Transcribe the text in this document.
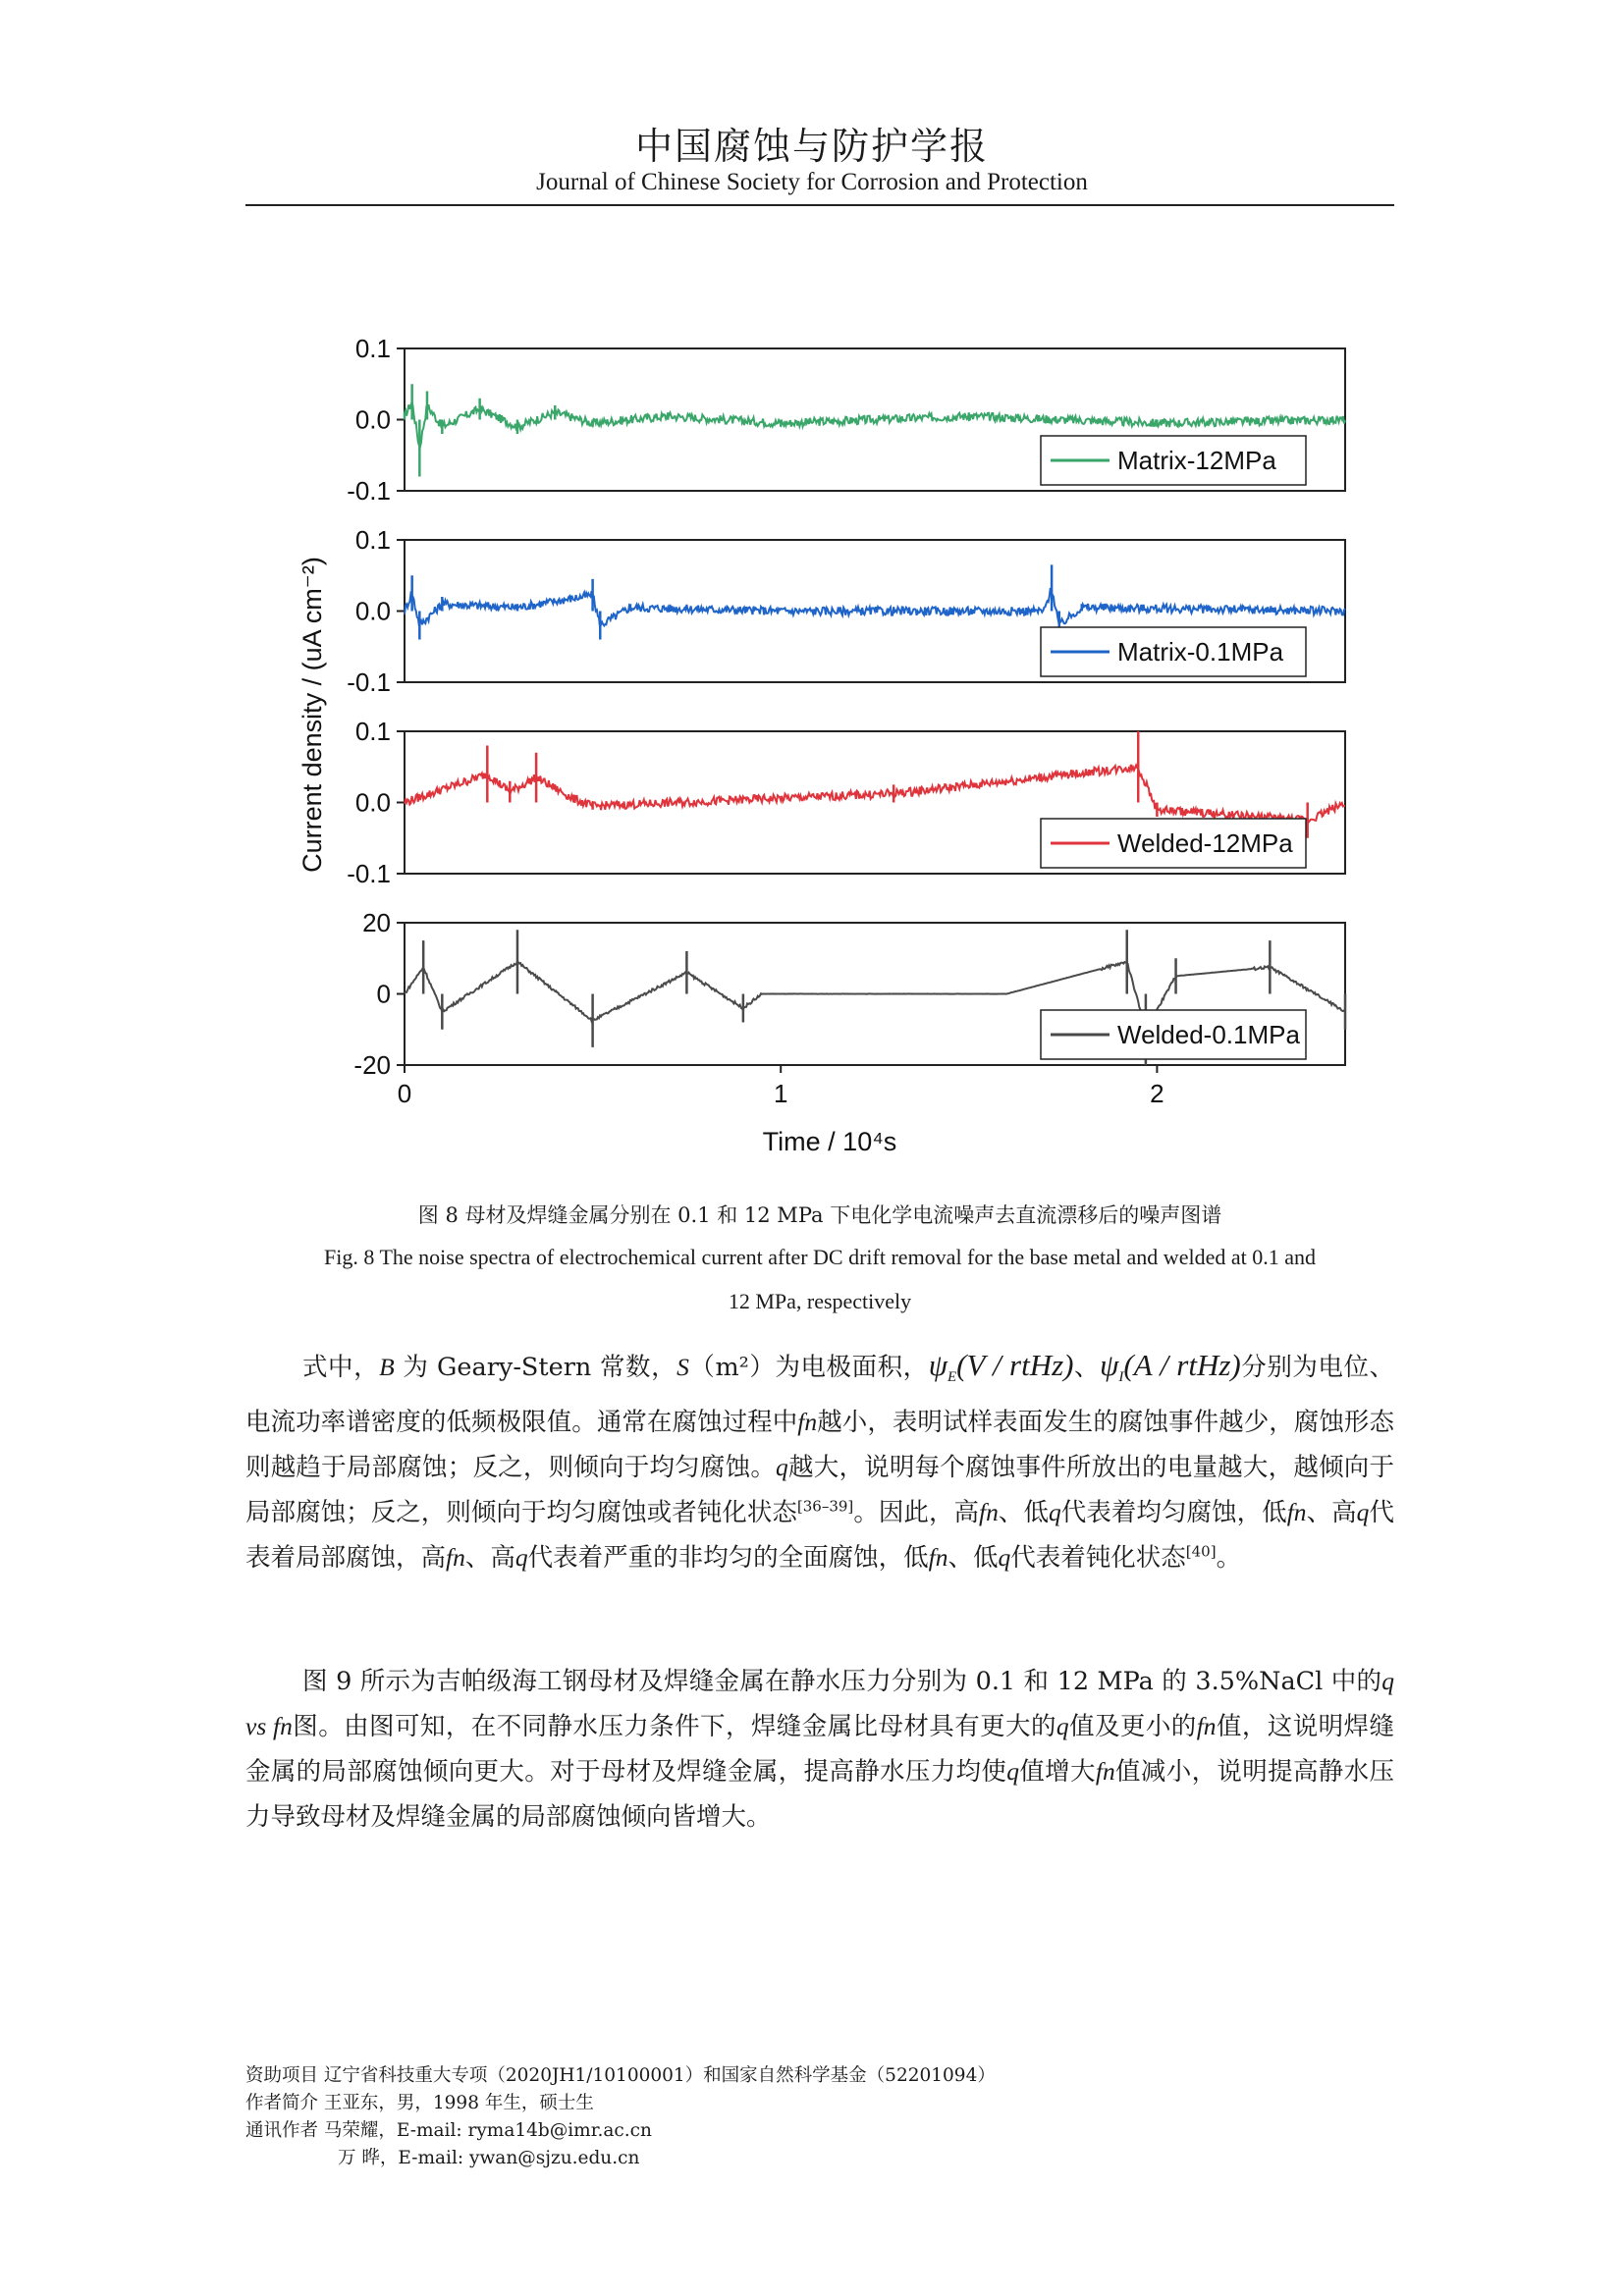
中国腐蚀与防护学报
Journal of Chinese Society for Corrosion and Protection
0.1
0.0
-0.1
Matrix-12MPa
0.1
0.0
-0.1
Matrix-0.1MPa
0.1
0.0
-0.1
Welded-12MPa
20
0
-20
Welded-0.1MPa
0	1	2
Current density / (uA cm⁻²)
Time / 10⁴s
图 8 母材及焊缝金属分别在 0.1 和 12 MPa 下电化学电流噪声去直流漂移后的噪声图谱
Fig. 8 The noise spectra of electrochemical current after DC drift removal for the base metal and welded at 0.1 and
12 MPa, respectively
式中，B 为 Geary-Stern 常数，S（m²）为电极面积，$\psi_E(V$ / rtHz)、$\psi_I(A$ / rtHz)分别为电位、电流功率谱密度的低频极限值。通常在腐蚀过程中fn越小，表明试样表面发生的腐蚀事件越少，腐蚀形态则越趋于局部腐蚀；反之，则倾向于均匀腐蚀。q越大，说明每个腐蚀事件所放出的电量越大，越倾向于局部腐蚀；反之，则倾向于均匀腐蚀或者钝化状态[36–39]。因此，高fn、低q代表着均匀腐蚀，低fn、高q代表着局部腐蚀，高fn、高q代表着严重的非均匀的全面腐蚀，低fn、低q代表着钝化状态[40]。
图 9 所示为吉帕级海工钢母材及焊缝金属在静水压力分别为 0.1 和 12 MPa 的 3.5%NaCl 中的q vs fn图。由图可知，在不同静水压力条件下，焊缝金属比母材具有更大的q值及更小的fn值，这说明焊缝金属的局部腐蚀倾向更大。对于母材及焊缝金属，提高静水压力均使q值增大fn值减小，说明提高静水压力导致母材及焊缝金属的局部腐蚀倾向皆增大。
资助项目 辽宁省科技重大专项（2020JH1/10100001）和国家自然科学基金（52201094）
作者简介 王亚东，男，1998 年生，硕士生
通讯作者 马荣耀，E-mail: ryma14b@imr.ac.cn
万 晔，E-mail: ywan@sjzu.edu.cn
